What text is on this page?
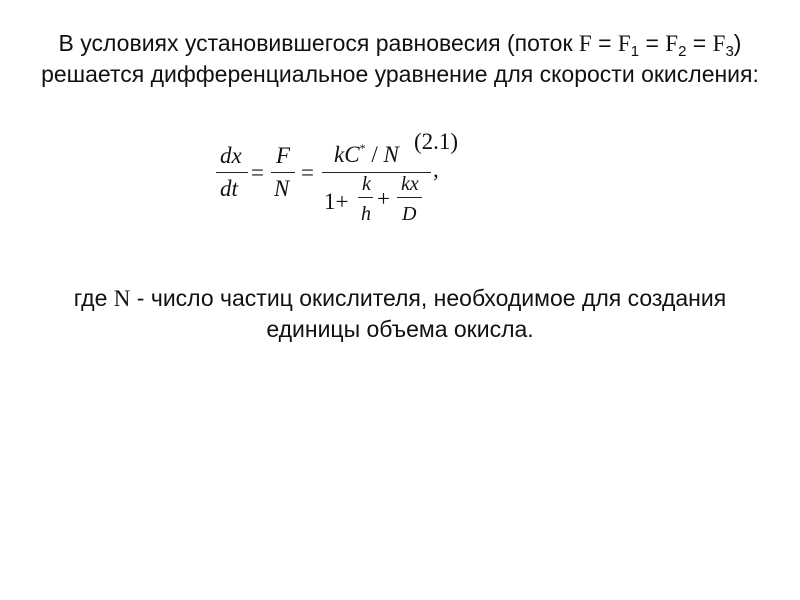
В условиях установившегося равновесия (поток $F = F_1 = F_2 = F_3$) решается дифференциальное уравнение для скорости окисления:
dx
dt
=
F
N
=
kC* / N
(2.1)
,
1+
k
h
+
kx
D
где N - число частиц окислителя, необходимое для создания единицы объема окисла.
